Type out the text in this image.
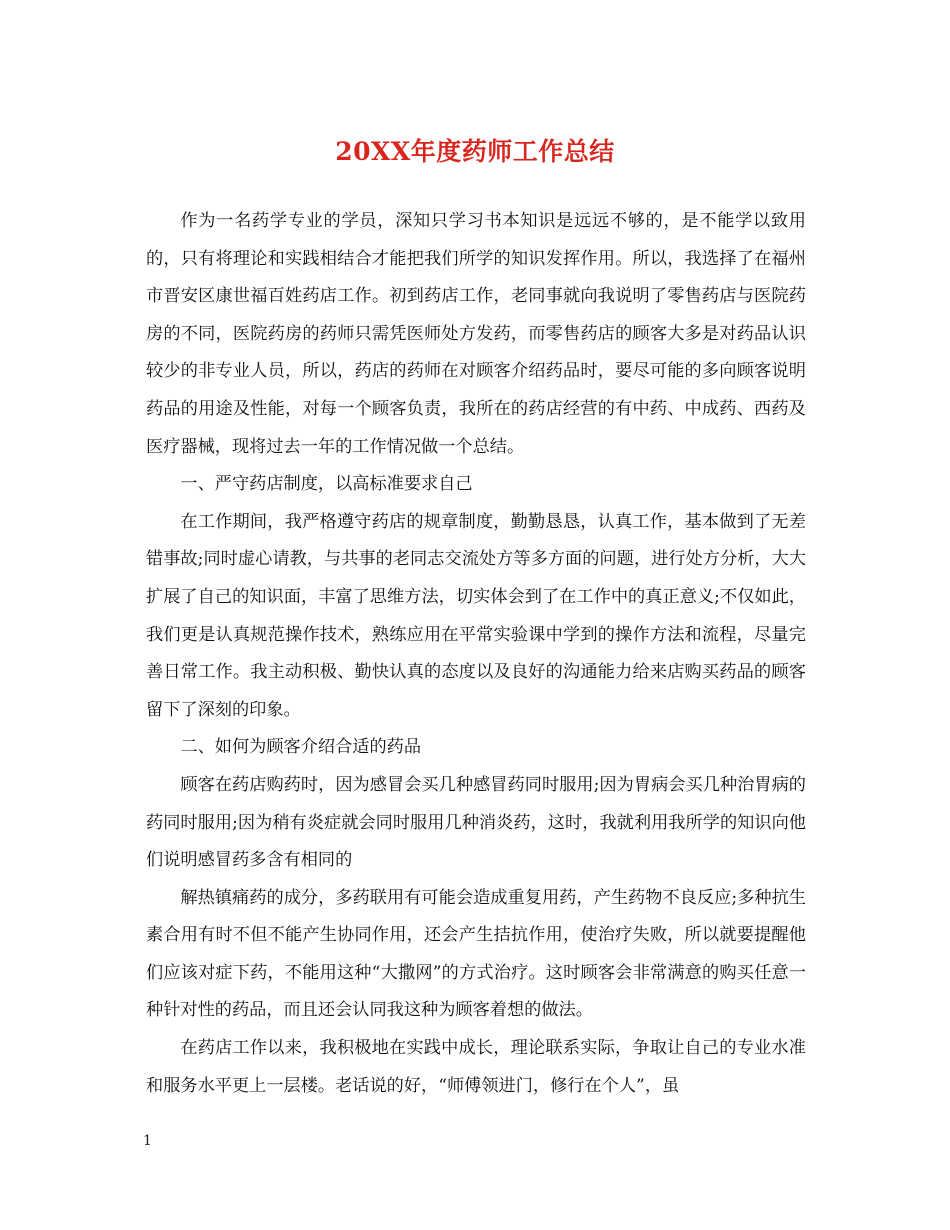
20XX年度药师工作总结

作为一名药学专业的学员，深知只学习书本知识是远远不够的，是不能学以致用的，只有将理论和实践相结合才能把我们所学的知识发挥作用。所以，我选择了在福州市晋安区康世福百姓药店工作。初到药店工作，老同事就向我说明了零售药店与医院药房的不同，医院药房的药师只需凭医师处方发药，而零售药店的顾客大多是对药品认识较少的非专业人员，所以，药店的药师在对顾客介绍药品时，要尽可能的多向顾客说明药品的用途及性能，对每一个顾客负责，我所在的药店经营的有中药、中成药、西药及医疗器械，现将过去一年的工作情况做一个总结。

一、严守药店制度，以高标准要求自己

在工作期间，我严格遵守药店的规章制度，勤勤恳恳，认真工作，基本做到了无差错事故;同时虚心请教，与共事的老同志交流处方等多方面的问题，进行处方分析，大大扩展了自己的知识面，丰富了思维方法，切实体会到了在工作中的真正意义;不仅如此，我们更是认真规范操作技术，熟练应用在平常实验课中学到的操作方法和流程，尽量完善日常工作。我主动积极、勤快认真的态度以及良好的沟通能力给来店购买药品的顾客留下了深刻的印象。

二、如何为顾客介绍合适的药品

顾客在药店购药时，因为感冒会买几种感冒药同时服用;因为胃病会买几种治胃病的药同时服用;因为稍有炎症就会同时服用几种消炎药，这时，我就利用我所学的知识向他们说明感冒药多含有相同的

解热镇痛药的成分，多药联用有可能会造成重复用药，产生药物不良反应;多种抗生素合用有时不但不能产生协同作用，还会产生拮抗作用，使治疗失败，所以就要提醒他们应该对症下药，不能用这种“大撒网”的方式治疗。这时顾客会非常满意的购买任意一种针对性的药品，而且还会认同我这种为顾客着想的做法。

在药店工作以来，我积极地在实践中成长，理论联系实际，争取让自己的专业水准和服务水平更上一层楼。老话说的好，“师傅领进门，修行在个人”，虽

1
